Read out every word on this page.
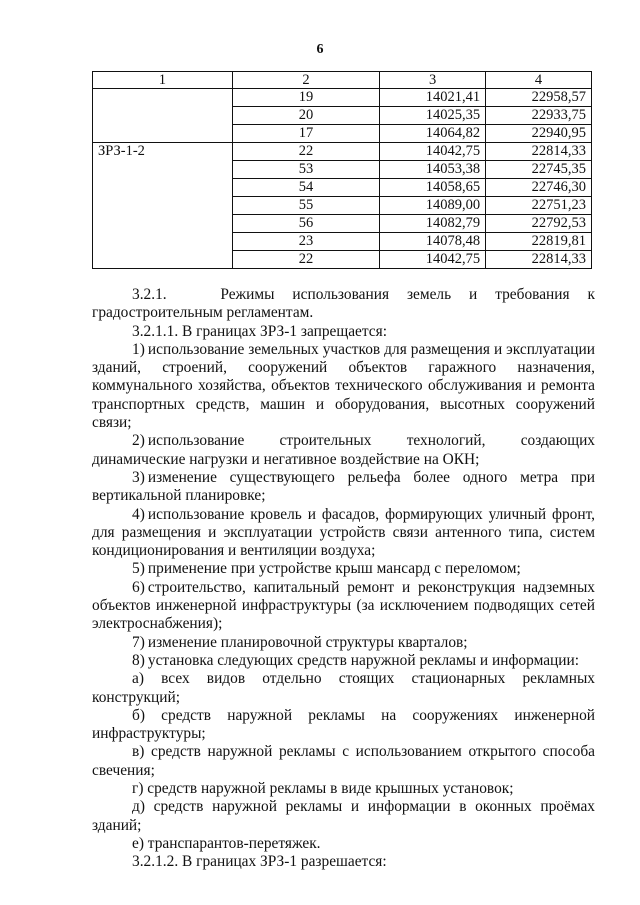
6
1	2	3	4
	19	14021,41	22958,57
	20	14025,35	22933,75
	17	14064,82	22940,95
ЗРЗ-1-2	22	14042,75	22814,33
	53	14053,38	22745,35
	54	14058,65	22746,30
	55	14089,00	22751,23
	56	14082,79	22792,53
	23	14078,48	22819,81
	22	14042,75	22814,33

3.2.1.   Режимы использования земель и требования к градостроительным регламентам.

3.2.1.1. В границах ЗРЗ-1 запрещается:

1) использование земельных участков для размещения и эксплуатации зданий, строений, сооружений объектов гаражного назначения, коммунального хозяйства, объектов технического обслуживания и ремонта транспортных средств, машин и оборудования, высотных сооружений связи;

2) использование строительных технологий, создающих динамические нагрузки и негативное воздействие на ОКН;

3) изменение существующего рельефа более одного метра при вертикальной планировке;

4) использование кровель и фасадов, формирующих уличный фронт, для размещения и эксплуатации устройств связи антенного типа, систем кондиционирования и вентиляции воздуха;

5) применение при устройстве крыш мансард с переломом;

6) строительство, капитальный ремонт и реконструкция надземных объектов инженерной инфраструктуры (за исключением подводящих сетей электроснабжения);

7) изменение планировочной структуры кварталов;

8) установка следующих средств наружной рекламы и информации:

а) всех видов отдельно стоящих стационарных рекламных конструкций;

б) средств наружной рекламы на сооружениях инженерной инфраструктуры;

в) средств наружной рекламы с использованием открытого способа свечения;

г) средств наружной рекламы в виде крышных установок;

д) средств наружной рекламы и информации в оконных проёмах зданий;

е) транспарантов-перетяжек.

3.2.1.2. В границах ЗРЗ-1 разрешается:
